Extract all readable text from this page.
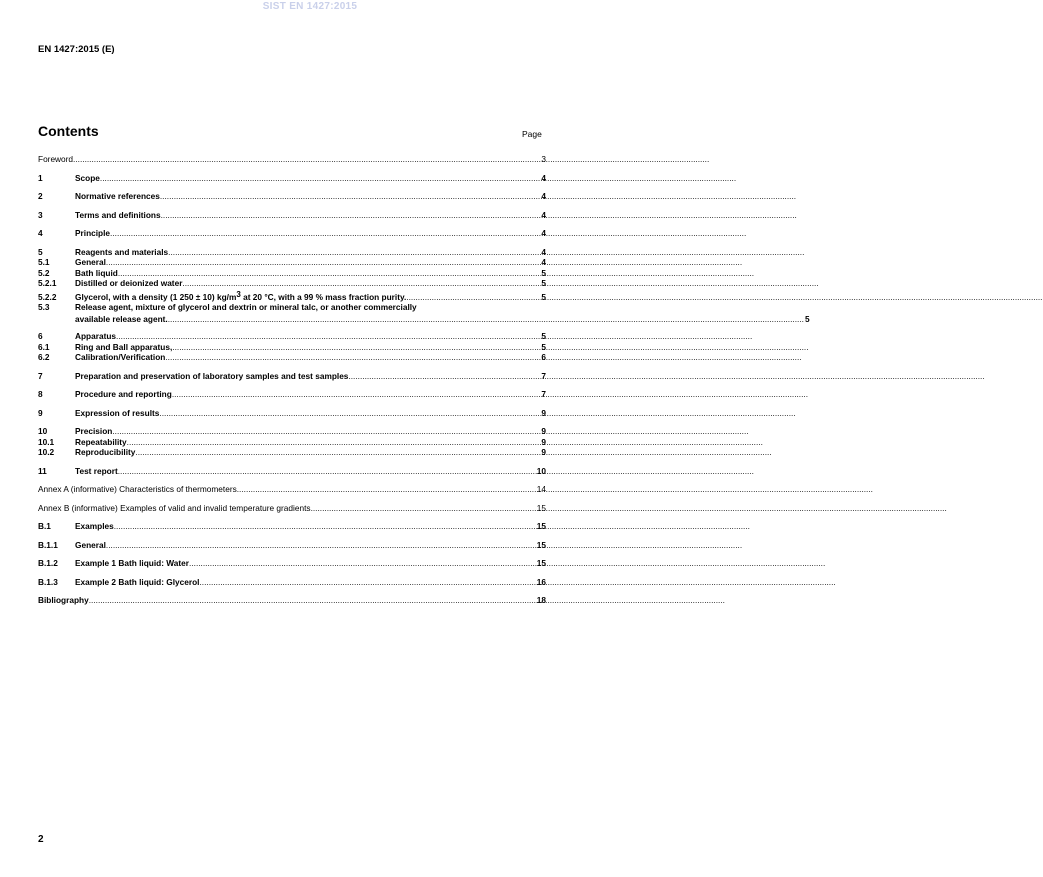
SIST EN 1427:2015
EN 1427:2015 (E)
Contents	Page
Foreword .....	3
1	Scope .....	4
2	Normative references .....	4
3	Terms and definitions .....	4
4	Principle .....	4
5	Reagents and materials .....	4
5.1	General .....	4
5.2	Bath liquid .....	5
5.2.1	Distilled or deionized water .....	5
5.2.2	Glycerol, with a density (1 250 ± 10) $kg/m^3$ at 20 °C, with a 99 % mass fraction purity. .....	5
5.3	Release agent, mixture of glycerol and dextrin or mineral talc, or another commercially
available release agent. .....	5
6	Apparatus .....	5
6.1	Ring and Ball apparatus, .....	5
6.2	Calibration/Verification .....	6
7	Preparation and preservation of laboratory samples and test samples .....	7
8	Procedure and reporting .....	7
9	Expression of results .....	9
10	Precision .....	9
10.1	Repeatability .....	9
10.2	Reproducibility .....	9
11	Test report .....	10
Annex A (informative) Characteristics of thermometers .....	14
Annex B (informative) Examples of valid and invalid temperature gradients .....	15
B.1	Examples .....	15
B.1.1	General .....	15
B.1.2	Example 1 Bath liquid: Water .....	15
B.1.3	Example 2 Bath liquid: Glycerol .....	16
Bibliography .....	18
2
